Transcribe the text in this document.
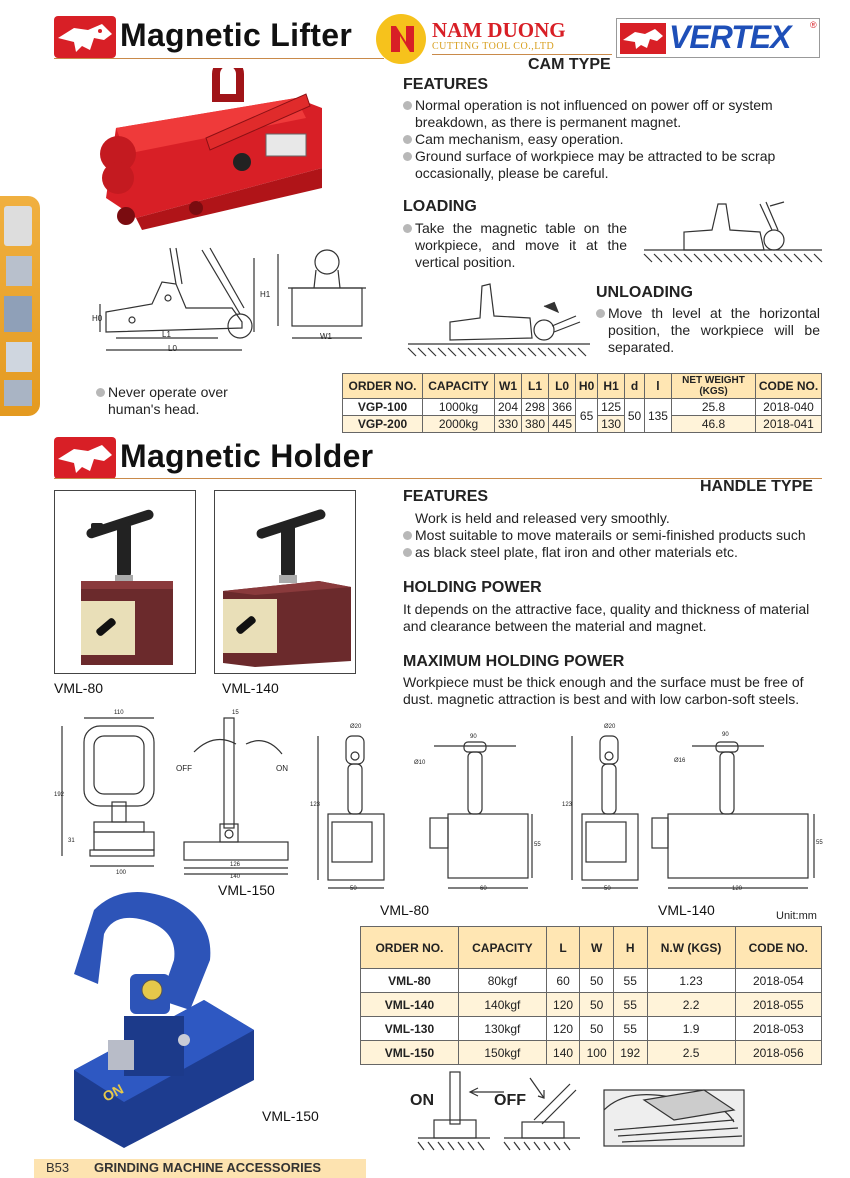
Magnetic Lifter	NAM DUONG
CUTTING TOOL CO.,LTD	VERTEX ®
CAM TYPE
H0
H1
L1
L0
W1
FEATURES
Normal operation is not influenced on power off or system breakdown, as there is permanent magnet.
Cam mechanism, easy operation.
Ground surface of workpiece may be attracted to be scrap occasionally, please be careful.
LOADING
Take the magnetic table on the workpiece, and move it at the vertical position.
UNLOADING
Move th level at the horizontal position, the workpiece will be separated.
Never operate over human's head.
ORDER NO.	CAPACITY	W1	L1	L0	H0	H1	d	l	NET WEIGHT (KGS)	CODE NO.
VGP-100	1000kg	204	298	366	65	125	50	135	25.8	2018-040
VGP-200	2000kg	330	380	445		130			46.8	2018-041
Magnetic Holder
HANDLE TYPE
VML-80	VML-140
FEATURES
Work is held and released very smoothly.
Most suitable to move materails or semi-finished products such
as black steel plate, flat iron and other materials etc.
HOLDING POWER
It depends on the attractive face, quality and thickness of material and clearance between the material and magnet.
MAXIMUM HOLDING POWER
Workpiece must be thick enough and the surface must be free of dust. magnetic attraction is best and with low carbon-soft steels.
110	15
192
31
100
126
140
OFF	ON
VML-150
Ø20
123
50
90
Ø10
60
55
VML-80
Ø20
123
50
90
Ø16
120
55
VML-140	Unit:mm
ON
VML-150
ORDER NO.	CAPACITY	L	W	H	N.W (KGS)	CODE NO.
VML-80	80kgf	60	50	55	1.23	2018-054
VML-140	140kgf	120	50	55	2.2	2018-055
VML-130	130kgf	120	50	55	1.9	2018-053
VML-150	150kgf	140	100	192	2.5	2018-056
ON	OFF
B53 GRINDING MACHINE ACCESSORIES
